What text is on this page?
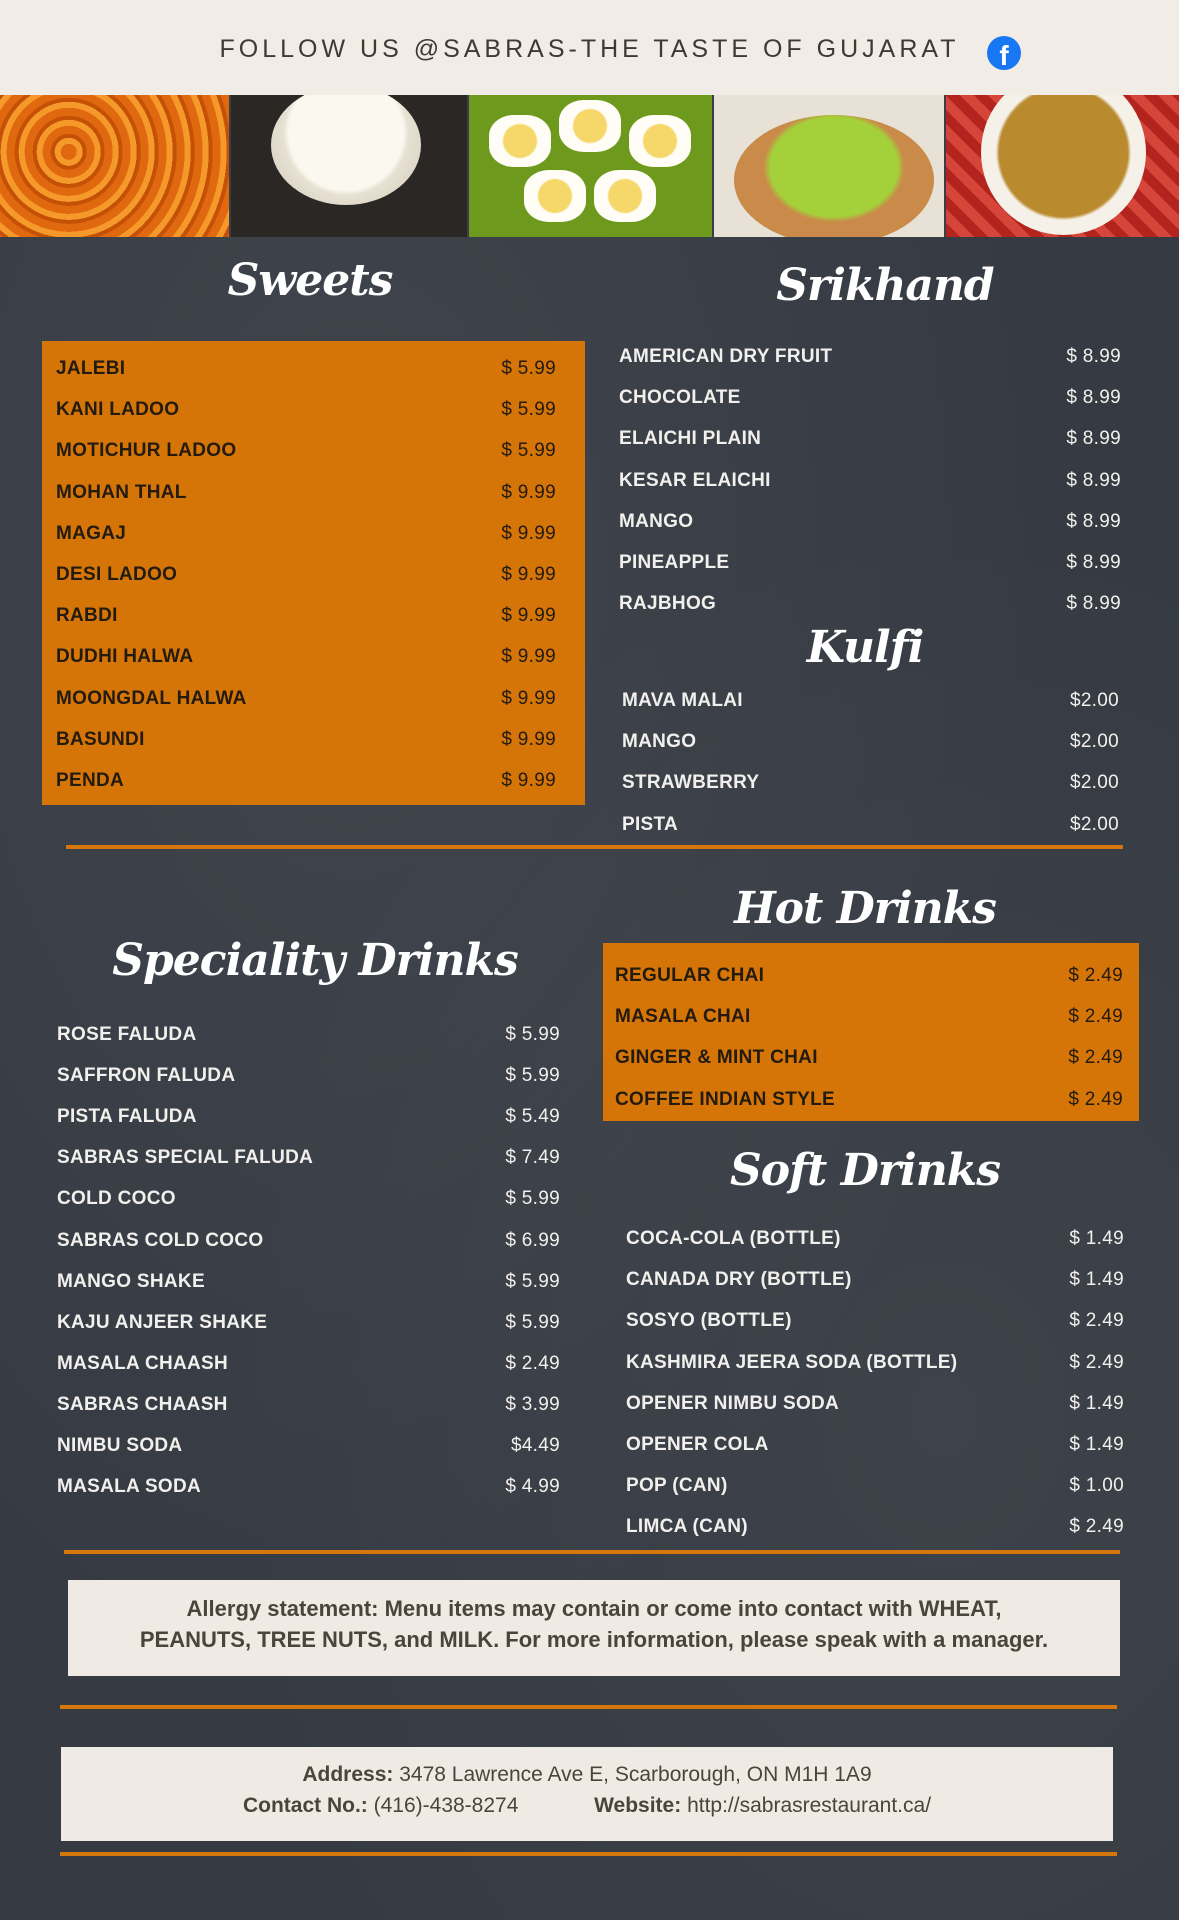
FOLLOW US @SABRAS-THE TASTE OF GUJARAT	f
Sweets
JALEBI	$ 5.99
KANI LADOO	$ 5.99
MOTICHUR LADOO	$ 5.99
MOHAN THAL	$ 9.99
MAGAJ	$ 9.99
DESI LADOO	$ 9.99
RABDI	$ 9.99
DUDHI HALWA	$ 9.99
MOONGDAL HALWA	$ 9.99
BASUNDI	$ 9.99
PENDA	$ 9.99
Srikhand
AMERICAN DRY FRUIT	$ 8.99
CHOCOLATE	$ 8.99
ELAICHI PLAIN	$ 8.99
KESAR ELAICHI	$ 8.99
MANGO	$ 8.99
PINEAPPLE	$ 8.99
RAJBHOG	$ 8.99
Kulfi
MAVA MALAI	$2.00
MANGO	$2.00
STRAWBERRY	$2.00
PISTA	$2.00
Speciality Drinks
ROSE FALUDA	$ 5.99
SAFFRON FALUDA	$ 5.99
PISTA FALUDA	$ 5.49
SABRAS SPECIAL FALUDA	$ 7.49
COLD COCO	$ 5.99
SABRAS COLD COCO	$ 6.99
MANGO SHAKE	$ 5.99
KAJU ANJEER SHAKE	$ 5.99
MASALA CHAASH	$ 2.49
SABRAS CHAASH	$ 3.99
NIMBU SODA	$4.49
MASALA SODA	$ 4.99
Hot Drinks
REGULAR CHAI	$ 2.49
MASALA CHAI	$ 2.49
GINGER & MINT CHAI	$ 2.49
COFFEE INDIAN STYLE	$ 2.49
Soft Drinks
COCA-COLA (BOTTLE)	$ 1.49
CANADA DRY (BOTTLE)	$ 1.49
SOSYO (BOTTLE)	$ 2.49
KASHMIRA JEERA SODA (BOTTLE)	$ 2.49
OPENER NIMBU SODA	$ 1.49
OPENER COLA	$ 1.49
POP (CAN)	$ 1.00
LIMCA (CAN)	$ 2.49
Allergy statement: Menu items may contain or come into contact with WHEAT,
PEANUTS, TREE NUTS, and MILK. For more information, please speak with a manager.
Address: 3478 Lawrence Ave E, Scarborough, ON M1H 1A9
Contact No.: (416)-438-8274	Website: http://sabrasrestaurant.ca/
